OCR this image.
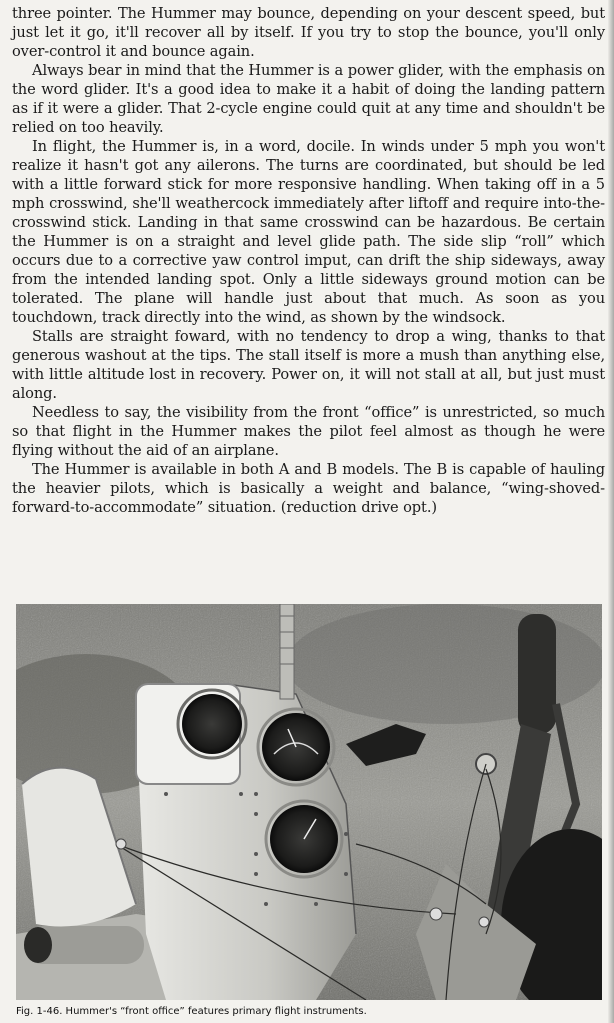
three pointer. The Hummer may bounce, depending on your descent speed, but just let it go, it'll recover all by itself. If you try to stop the bounce, you'll only over-control it and bounce again.

Always bear in mind that the Hummer is a power glider, with the emphasis on the word glider. It's a good idea to make it a habit of doing the landing pattern as if it were a glider. That 2-cycle engine could quit at any time and shouldn't be relied on too heavily.

In flight, the Hummer is, in a word, docile. In winds under 5 mph you won't realize it hasn't got any ailerons. The turns are coordinated, but should be led with a little forward stick for more responsive handling. When taking off in a 5 mph crosswind, she'll weathercock immediately after liftoff and require into-the-crosswind stick. Landing in that same crosswind can be hazardous. Be certain the Hummer is on a straight and level glide path. The side slip “roll” which occurs due to a corrective yaw control imput, can drift the ship sideways, away from the intended landing spot. Only a little sideways ground motion can be tolerated. The plane will handle just about that much. As soon as you touchdown, track directly into the wind, as shown by the windsock.

Stalls are straight foward, with no tendency to drop a wing, thanks to that generous washout at the tips. The stall itself is more a mush than anything else, with little altitude lost in recovery. Power on, it will not stall at all, but just must along.

Needless to say, the visibility from the front “office” is unrestricted, so much so that flight in the Hummer makes the pilot feel almost as though he were flying without the aid of an airplane.

The Hummer is available in both A and B models. The B is capable of hauling the heavier pilots, which is basically a weight and balance, “wing-shoved-forward-to-accommodate” situation. (reduction drive opt.)

Fig. 1-46. Hummer's “front office” features primary flight instruments.
